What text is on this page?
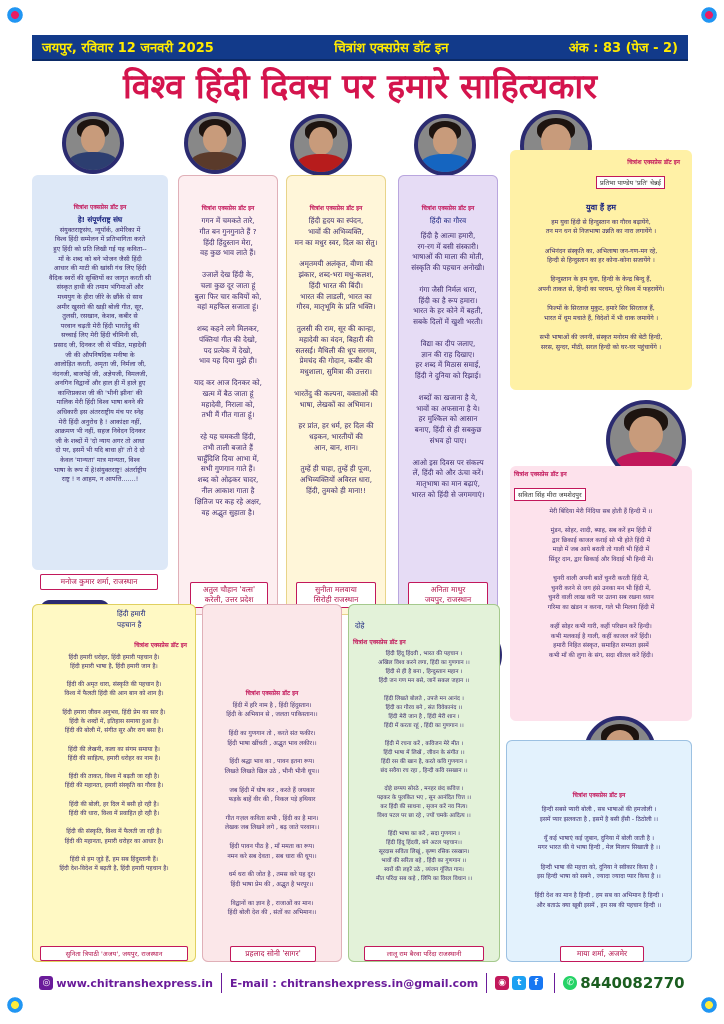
जयपुर, रविवार 12 जनवरी 2025	चित्रांश एक्सप्रेस डॉट इन	अंक : 83 (पेज - 2)
विश्व हिंदी दिवस पर हमारे साहित्यकार
चित्रांश एक्सप्रेस डॉट इन
हे! संपूर्णराष्ट्र संघ
संयुक्तराष्ट्रसंघ, न्यूयॉर्क, अमेरिका में
विश्व हिंदी सम्मेलन में प्रतिभागिता करते
हुए हिंदी को प्रति लिखी गई यह कविता--
माँ के शब्द को बने भोजन जैसी हिंदी
आधार की माटी की खांसी गंध लिए हिंदी
वैदिक स्वरों की सूक्तियों का जागृत करती सी
संस्कृत हाथी की तमाम भंगिमाओं और
मध्ययुग के हीरा जीरे के छौंके से साथ
अमीर खुसरो की खड़ी बोली गीत, सूर,
तुलसी, रसखान, केशव, कबीर से
परवान चढ़ती मेरी हिंदी भारतेंदु की
सच्चाई लिए मेरी हिंदी चीमिनी सी,
प्रसाद जी, दिनकर जी से पंडित, महादेवी
जी की औपनिषदिक मनीषा के
आलोड़ित करती, अमृता जी, निर्मला जी,
नंदनजी, बाजपेई जी, अज्ञेयजी, विमलजी,
अनगिन विद्वानों और हाल ही में हाले हुए
कान्तिप्रकाश जी की 'भीनी झीना' की
मालिक मेरी हिंदी विश्व भाषा बनने की
अधिकारी इस अंतरराष्ट्रीय मंच पर स्नेह
मेरी हिंदी अनुरोध है ! आकांक्षा नहीं,
आक्रमण भी नहीं, सहज निवेदन दिनकर
जी के शब्दों में 'दो न्याय अगर तो आधा
दो पर, इसमें भी यदि बाधा हो' तो दे दो
केवल 'मान्यता' मात्र मान्यता, विश्व
भाषा के रूप में हे!संयुक्तराष्ट्र! अंतर्राष्ट्रीय
राष्ट्र ! न आहम, न आपत्ति.......!
मनोज कुमार शर्मा, राजस्थान
चित्रांश एक्सप्रेस डॉट इन
गगन में चमकते तारे,
गीत बन गुनगुनाते हैं ?
हिंदी हिंदुस्तान मेरा,
वह कुछ भाव लाते हैं।

उजालें देख हिंदी के,
चला कुछ दूर जाता हूं
बुला फिर चार कवियों को,
वहां महफिल सजाता हूं।

शब्द कहने लगे मिलकर,
पंक्तियां गीत की देखो,
पद प्रत्येक में देखो,
भाव यह दिया मुझे ही।

याद कर आज दिनकर को,
खत्म में बैठ जाता हूं
महादेवी, निराला को,
तभी मैं गीत गाता हूं।

रहे यह चमकती हिंदी,
तभी ताली बजाते हैं
चाहुँदिशि दिया आभा में,
सभी गुणगान गाते हैं।
शब्द को ओढ़कर चादर,
नील आकाश गाता है
क्षितिज पर कह रहे अक्षर,
वह अद्भुत सुहाता है।
अतुल चौहान 'वत्स'
करेली, उत्तर प्रदेश
चित्रांश एक्सप्रेस डॉट इन
हिंदी हृदय का स्पंदन,
भावों की अभिव्यक्ति,
मन का मधुर स्वर, दिल का सेतु।

अमृतमयी अलंकृत, वीणा की
झंकार, शब्द-भरा मधु-कलश,
हिंदी भारत की बिंदी।
भारत की लाडली, भारत का
गौरव, मातृभूमि के प्रति भक्ति।

तुलसी की राम, सूर की कान्हा,
महादेवी का वंदन, बिहारी की
सतसई। मैथिली की धूप सरगम,
प्रेमचंद की गोदान, कबीर की
मधुशाला, सुमित्रा की उत्तरा।

भारतेंदु की कल्पना, वक्ताओं की
भाषा, लेखकों का अभिमान।

हर प्रांत, हर धर्म, हर दिल की
धड़कन, भारतीयों की
आन, बान, शान।

तुम्हें ही चाहा, तुम्हें ही पूजा,
अभिव्यक्तियों अविरल धारा,
हिंदी, तुमको ही माना!!
सुनीता मलवाया
सिरोही राजस्थान
चित्रांश एक्सप्रेस डॉट इन
हिंदी का गौरव
हिंदी है आत्मा हमारी,
रग-रग में बसी संस्कारी।
भाषाओं की माला की मोती,
संस्कृति की पहचान अनोखी।

गंगा जैसी निर्मल धारा,
हिंदी का है रूप हमारा।
भारत के हर कोने में बहती,
सबके दिलों में खुशी भरती।

विद्या का दीप जलाए,
ज्ञान की राह दिखाए।
हर शब्द में मिठास समाई,
हिंदी ने दुनिया को रिझाई।

शब्दों का खजाना है ये,
भावों का अफसाना है ये।
हर मुश्किल को आसान
बनाए, हिंदी से ही सबकुछ
संभव हो पाए।

आओ इस दिवस पर संकल्प
लें, हिंदी को और ऊंचा करें।
मातृभाषा का मान बढ़ाएं,
भारत को हिंदी से जगमगाएं।
अनिता माथुर
जयपुर, राजस्थान
चित्रांश एक्सप्रेस डॉट इन
प्रतिभा पाण्डेय 'प्रति' चेन्नई
युवा हैं हम
हम युवा हिंदी से हिन्दुस्तान का गौरव बढ़ायेंगे,
तन मन धन से निजभाषा उन्नति का नारा लगायेंगे ।

अभिनंदन संस्कृति का, अभिलाषा जन-गण-मन रहे,
हिन्दी से हिन्दुस्तान का हर कोना-कोना सजायेंगे ।

हिन्दुस्तान के हम युवा, हिन्दी के केन्द्र बिन्दु हैं,
अपनी ताकत से, हिन्दी का परचम, पूरे विश्व में फहरायेंगे।

फिल्मों के सिरताज मुकुट, हमारे सिर सिरताज हैं,
भारत में धूम मचाते हैं, विदेशों में भी धाक जमायेंगे ।

सभी भाषाओं की जननी, संस्कृत मनोरम की बेटी हिन्दी,
सरस, सुन्दर, मीठी, सरल हिन्दी को घर-घर पहुंचायेंगे ।
चित्रांश एक्सप्रेस डॉट इन
सविता सिंह मीरा जमशेदपुर
मेरी बिंदिया मेरी निंदिया सब होती हैं हिन्दी में ।।

मुंडन, सोहर, शादी, ब्याह, सब करें हम हिंदी में
द्वार छिकाई काजल कराई सो भी होते हिंदी में
माड़ो में जब आये बराती तो गाली भी हिंदी में
सिंदूर दान, द्वार छिकाई और विदाई भी हिन्दी में।

चुनरी वाली अपनी बातें चुनरी करती हिंदी में,
चुनरी करने से जग हंसे उनका मन भी हिंदी में,
चुनरी वाली लाख करी पर उतना सब रखना ध्यान
गरिमा का खंडन न करना, गले भी मिलना हिंदी में

कहीं सोहर कभी गारी, कहीं परिछन करें हिन्दी।
कभी मलकाई है गाली, कहीं काजल करें हिंदी।
हमारी निहित संस्कृत, समाहित सभ्यता इसमें
कभी माँ की लुगा के संग, सदा शीतल करें हिंदी।
हिंदी हमारी
पहचान है
चित्रांश एक्सप्रेस डॉट इन
हिंदी हमारी धरोहर, हिंदी हमारी पहचान है।
हिंदी हमारी भाषा है, हिंदी हमारी जान है।

हिंदी की अमृत धारा, संस्कृति की पहचान है।
विश्व में फैलती हिंदी की आन बान को शान है।

हिंदी हमारा जीवन अनुभव, हिंदी प्रेम का सार है।
हिंदी के शब्दों में, इतिहास समाया हुआ है।
हिंदी की बोली में, संगीत सुर और राग बसा है।

हिंदी की लेखनी, कला का संगम समाया है।
हिंदी की साहित्य, हमारी धरोहर का नाम है।

हिंदी की ताकत, विश्व में बढ़ती जा रही है।
हिंदी की महानता, हमारी संस्कृति का गौरव है।

हिंदी की बोली, हर दिल में बसी हो रही है।
हिंदी की धारा, विश्व में प्रवाहित हो रही है।

हिंदी की संस्कृति, विश्व में फैलती जा रही है।
हिंदी की महानता, हमारी धरोहर का आधार है।

हिंदी से हम जुड़े हैं, हम सब हिंदुस्तानी हैं।
हिंदी देश-विदेश में बढ़ती है, हिंदी हमारी पहचान है।
सुनिता त्रिपाठी 'अजय', जयपुर, राजस्थान
चित्रांश एक्सप्रेस डॉट इन
हिंदी में हरि नाम है , हिंदी हिंदुस्तान।
हिंदी के अभियान से , जलता पाकिस्तान।।

हिंदी का गुणगान तो , करते संत फकीर।
हिंदी भाषा खींचती , अद्भुत भाव लकीर।।

हिंदी श्रद्धा भाव का , पावन इतना रूप।
लिखते लिखते खिल उठे , भीनी भीनी धूप।।

जब हिंदी में घोष कर , करते हैं जयकार
फड़के बाहें वीर की , निकल पड़े हथियार

गीत गज़ल कविता सभी , हिंदी का है मान।
लेखक जब लिखने लगे , बढ़ जाते परवान।।

हिंदी पावन पीठ है , माँ ममता का रूप।
नमन करे सब देवता , सब धारा की धूप।।

धर्म धरा की जोत है , तमस करे यह दूर।
हिंदी भाषा प्रेम की , अद्भुत है भरपूर।।

विद्वानों का ज्ञान है , राजाओं का मान।
हिंदी बोली देश की , संतों का अभिमान।।
प्रहलाद सोनी 'सागर'
दोहे
चित्रांश एक्सप्रेस डॉट इन
हिंदी हिंदू हिंदवी , भारत की पहचान ।
अखिल विश्व करने लगा, हिंदी का गुणगान ।।
हिंदी से ही है बना , हिन्दुस्तान महान ।
हिंदी जन गण मन बसे, जानें सकल जहान ।।

हिंदी लिखते बोलते , उपजे मन आनंद ।
हिंदी का गौरव बने , संत विवेकानंद ।।
हिंदी मेरी जान है , हिंदी मेरी शान ।
हिंदी में करता रहूं , हिंदी का गुणगान ।।

हिंदी में रचना करें , कविजन मेरे मीत ।
हिंदी भाषा में लिखें , जीवन के संगीत ।।
हिंदी रस की खान है, करते कवि गुणगान ।
छंद सवैया रच रहा , हिन्दी कवि रसखान ।।

दोहे छप्पय सोरठे , मनहर छंद कवित्त ।
पढ़कर के पुलकित भए , सुन आनंदित चित्त ।।
कर हिंदी की साधना , सृजन करें नव नित्य।
विश्व पटल पर छा रहे , ज्यों चमके आदित्य ।।

हिंदी भाषा का करें , सदा गुणगान ।
हिंदी हिंदू हिंदवी, बने अटल पहचान।।
सूरदास सविता लिखूं , कृष्ण रसिक रसखान।
भावों की सरिता बहे , हिंदी का गुणगान ।।
स्वरों की लहरें उठे , व्यंजन गूंजित गान।
मीत परिंदा सब कहे , लिपि का विरल विधान ।।
लालू राम बैरवा परिंदा राजस्थानी
चित्रांश एक्सप्रेस डॉट इन
हिन्दी सबसे प्यारी बोली , सब भाषाओं की हमजोली ।
इसमें प्यार झलकता है , इसमें है बसी हँसी - ठिठोली ।।

यूँ कई भाषाएं कई जुबान, दुनिया में बोली जाती है ।
मगर भारत की ये भाषा हिन्दी , मेल मिलाप सिखाती है ।।

हिन्दी भाषा की महत्ता को, दुनिया ने स्वीकार किया है ।
इस हिन्दी भाषा को सबने , ज्यादा ज्यादा प्यार किया है ।।

हिंदी देश का मान है हिन्दी , हम सब का अभिमान है हिन्दी ।
और बताऊं क्या खूबी इसमें , हम सब की पहचान हिन्दी ।।
माया शर्मा, अजमेर
◎ www.chitranshexpress.in E-mail : chitranshexpress.in@gmail.com	◉	t	f	✆ 8440082770
